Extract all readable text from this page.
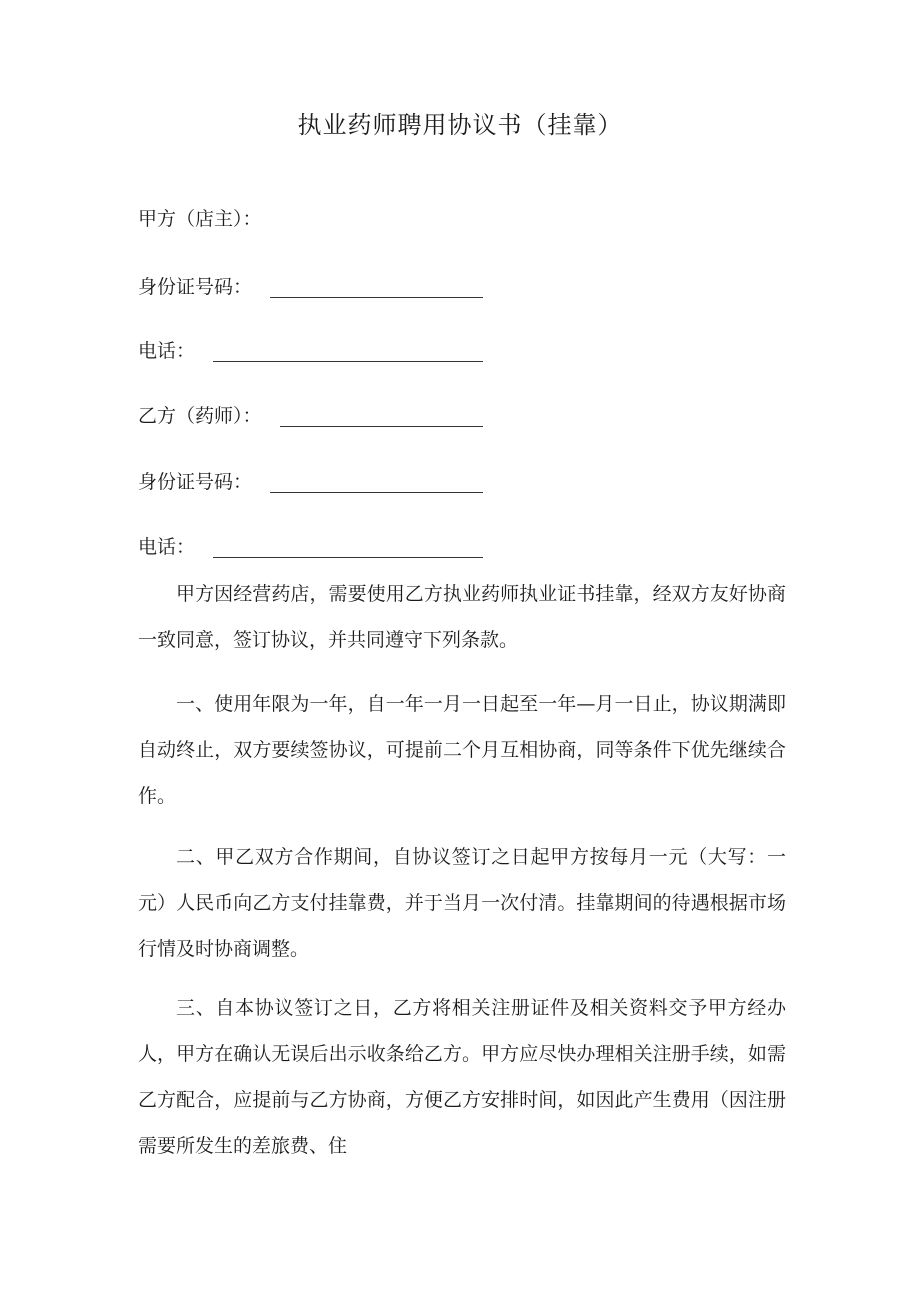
执业药师聘用协议书（挂靠）
甲方（店主）：
身份证号码：
电话：
乙方（药师）：
身份证号码：
电话：

甲方因经营药店，需要使用乙方执业药师执业证书挂靠，经双方友好协商一致同意，签订协议，并共同遵守下列条款。

一、使用年限为一年，自一年一月一日起至一年—月一日止，协议期满即自动终止，双方要续签协议，可提前二个月互相协商，同等条件下优先继续合作。

二、甲乙双方合作期间，自协议签订之日起甲方按每月一元（大写：一元）人民币向乙方支付挂靠费，并于当月一次付清。挂靠期间的待遇根据市场行情及时协商调整。

三、自本协议签订之日，乙方将相关注册证件及相关资料交予甲方经办人，甲方在确认无误后出示收条给乙方。甲方应尽快办理相关注册手续，如需乙方配合，应提前与乙方协商，方便乙方安排时间，如因此产生费用（因注册需要所发生的差旅费、住
